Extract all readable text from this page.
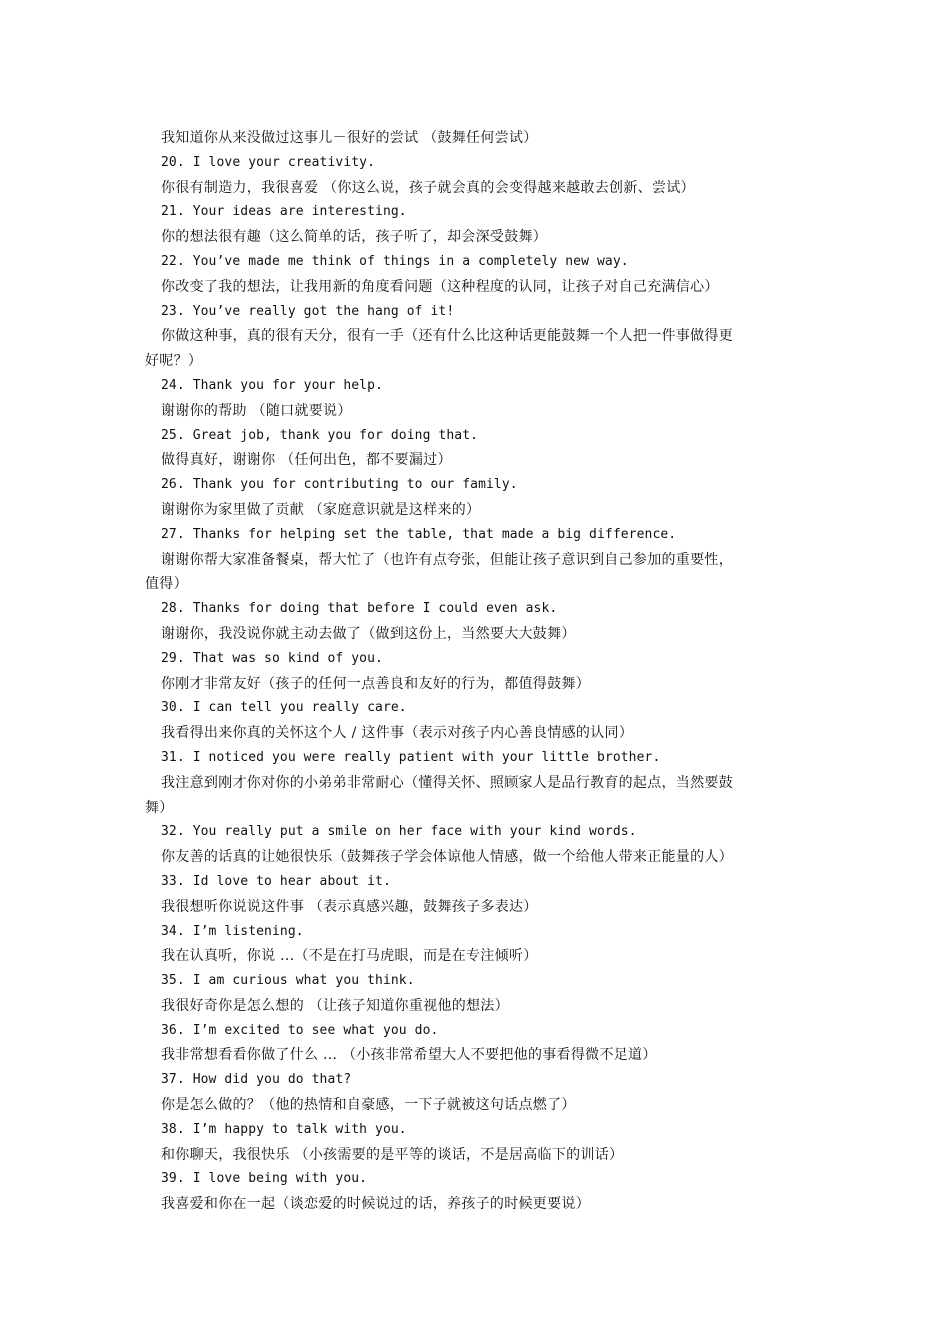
我知道你从来没做过这事儿－很好的尝试 （鼓舞任何尝试）

20. I love your creativity.

你很有制造力，我很喜爱 （你这么说，孩子就会真的会变得越来越敢去创新、尝试）

21. Your ideas are interesting.

你的想法很有趣（这么简单的话，孩子听了，却会深受鼓舞）

22. You’ve made me think of things in a completely new way.

你改变了我的想法，让我用新的角度看问题（这种程度的认同，让孩子对自己充满信心）

23. You’ve really got the hang of it!

你做这种事，真的很有天分，很有一手（还有什么比这种话更能鼓舞一个人把一件事做得更

好呢？）

24. Thank you for your help.

谢谢你的帮助 （随口就要说）

25. Great job, thank you for doing that.

做得真好，谢谢你 （任何出色，都不要漏过）

26. Thank you for contributing to our family.

谢谢你为家里做了贡献 （家庭意识就是这样来的）

27. Thanks for helping set the table, that made a big difference.

谢谢你帮大家准备餐桌，帮大忙了（也许有点夸张，但能让孩子意识到自己参加的重要性，

值得）

28. Thanks for doing that before I could even ask.

谢谢你，我没说你就主动去做了（做到这份上，当然要大大鼓舞）

29. That was so kind of you.

你刚才非常友好（孩子的任何一点善良和友好的行为，都值得鼓舞）

30. I can tell you really care.

我看得出来你真的关怀这个人 / 这件事（表示对孩子内心善良情感的认同）

31. I noticed you were really patient with your little brother.

我注意到刚才你对你的小弟弟非常耐心（懂得关怀、照顾家人是品行教育的起点，当然要鼓

舞）

32. You really put a smile on her face with your kind words.

你友善的话真的让她很快乐（鼓舞孩子学会体谅他人情感，做一个给他人带来正能量的人）

33. Id love to hear about it.

我很想听你说说这件事 （表示真感兴趣，鼓舞孩子多表达）

34. I’m listening.

我在认真听，你说 ...（不是在打马虎眼，而是在专注倾听）

35. I am curious what you think.

我很好奇你是怎么想的 （让孩子知道你重视他的想法）

36. I’m excited to see what you do.

我非常想看看你做了什么 ... （小孩非常希望大人不要把他的事看得微不足道）

37. How did you do that?

你是怎么做的？（他的热情和自豪感，一下子就被这句话点燃了）

38. I’m happy to talk with you.

和你聊天，我很快乐 （小孩需要的是平等的谈话，不是居高临下的训话）

39. I love being with you.

我喜爱和你在一起（谈恋爱的时候说过的话，养孩子的时候更要说）
